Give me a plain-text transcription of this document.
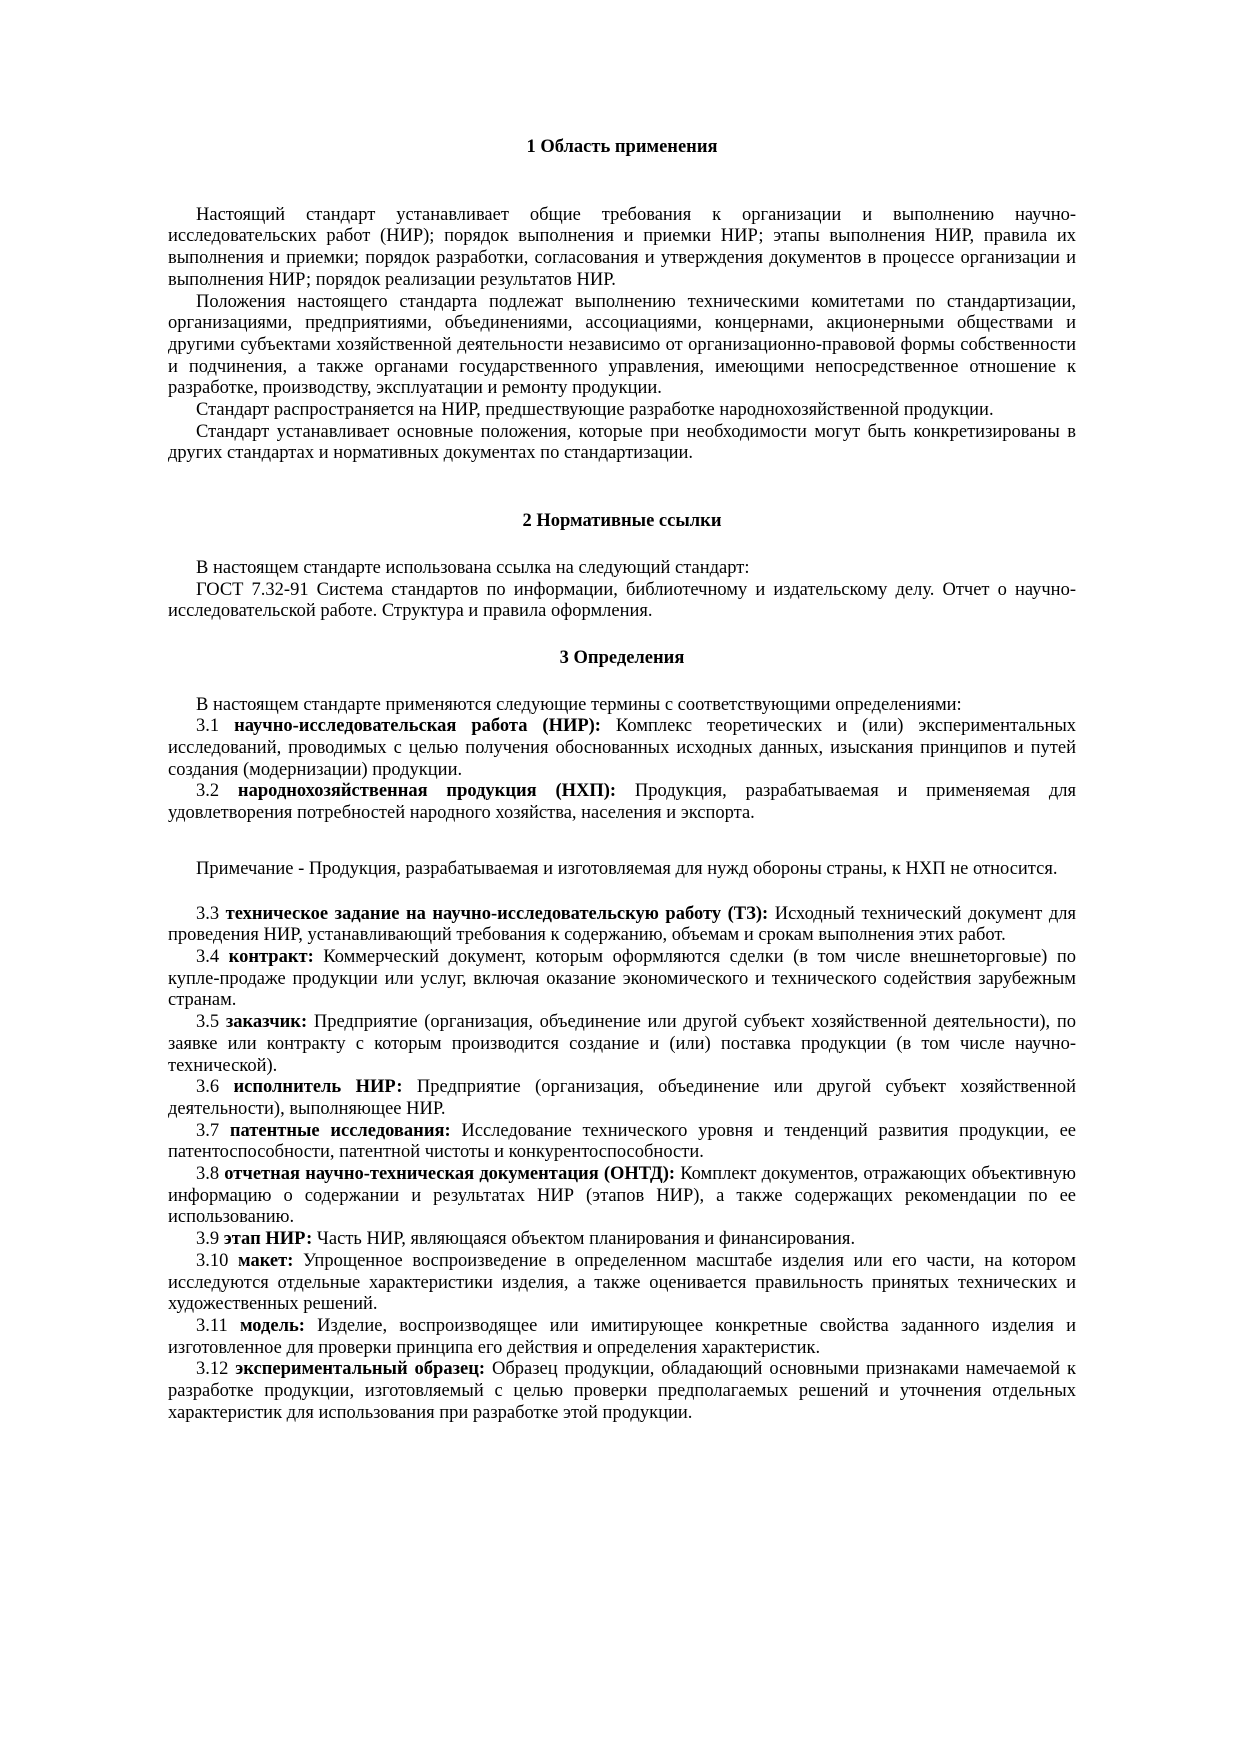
1 Область применения

Настоящий стандарт устанавливает общие требования к организации и выполнению научно-исследовательских работ (НИР); порядок выполнения и приемки НИР; этапы выполнения НИР, правила их выполнения и приемки; порядок разработки, согласования и утверждения документов в процессе организации и выполнения НИР; порядок реализации результатов НИР.

Положения настоящего стандарта подлежат выполнению техническими комитетами по стандартизации, организациями, предприятиями, объединениями, ассоциациями, концернами, акционерными обществами и другими субъектами хозяйственной деятельности независимо от организационно-правовой формы собственности и подчинения, а также органами государственного управления, имеющими непосредственное отношение к разработке, производству, эксплуатации и ремонту продукции.

Стандарт распространяется на НИР, предшествующие разработке народнохозяйственной продукции.

Стандарт устанавливает основные положения, которые при необходимости могут быть конкретизированы в других стандартах и нормативных документах по стандартизации.

2 Нормативные ссылки

В настоящем стандарте использована ссылка на следующий стандарт:

ГОСТ 7.32-91 Система стандартов по информации, библиотечному и издательскому делу. Отчет о научно-исследовательской работе. Структура и правила оформления.

3 Определения

В настоящем стандарте применяются следующие термины с соответствующими определениями:

3.1 научно-исследовательская работа (НИР): Комплекс теоретических и (или) экспериментальных исследований, проводимых с целью получения обоснованных исходных данных, изыскания принципов и путей создания (модернизации) продукции.

3.2 народнохозяйственная продукция (НХП): Продукция, разрабатываемая и применяемая для удовлетворения потребностей народного хозяйства, населения и экспорта.

Примечание - Продукция, разрабатываемая и изготовляемая для нужд обороны страны, к НХП не относится.

3.3 техническое задание на научно-исследовательскую работу (ТЗ): Исходный технический документ для проведения НИР, устанавливающий требования к содержанию, объемам и срокам выполнения этих работ.

3.4 контракт: Коммерческий документ, которым оформляются сделки (в том числе внешнеторговые) по купле-продаже продукции или услуг, включая оказание экономического и технического содействия зарубежным странам.

3.5 заказчик: Предприятие (организация, объединение или другой субъект хозяйственной деятельности), по заявке или контракту с которым производится создание и (или) поставка продукции (в том числе научно-технической).

3.6 исполнитель НИР: Предприятие (организация, объединение или другой субъект хозяйственной деятельности), выполняющее НИР.

3.7 патентные исследования: Исследование технического уровня и тенденций развития продукции, ее патентоспособности, патентной чистоты и конкурентоспособности.

3.8 отчетная научно-техническая документация (ОНТД): Комплект документов, отражающих объективную информацию о содержании и результатах НИР (этапов НИР), а также содержащих рекомендации по ее использованию.

3.9 этап НИР: Часть НИР, являющаяся объектом планирования и финансирования.

3.10 макет: Упрощенное воспроизведение в определенном масштабе изделия или его части, на котором исследуются отдельные характеристики изделия, а также оценивается правильность принятых технических и художественных решений.

3.11 модель: Изделие, воспроизводящее или имитирующее конкретные свойства заданного изделия и изготовленное для проверки принципа его действия и определения характеристик.

3.12 экспериментальный образец: Образец продукции, обладающий основными признаками намечаемой к разработке продукции, изготовляемый с целью проверки предполагаемых решений и уточнения отдельных характеристик для использования при разработке этой продукции.
